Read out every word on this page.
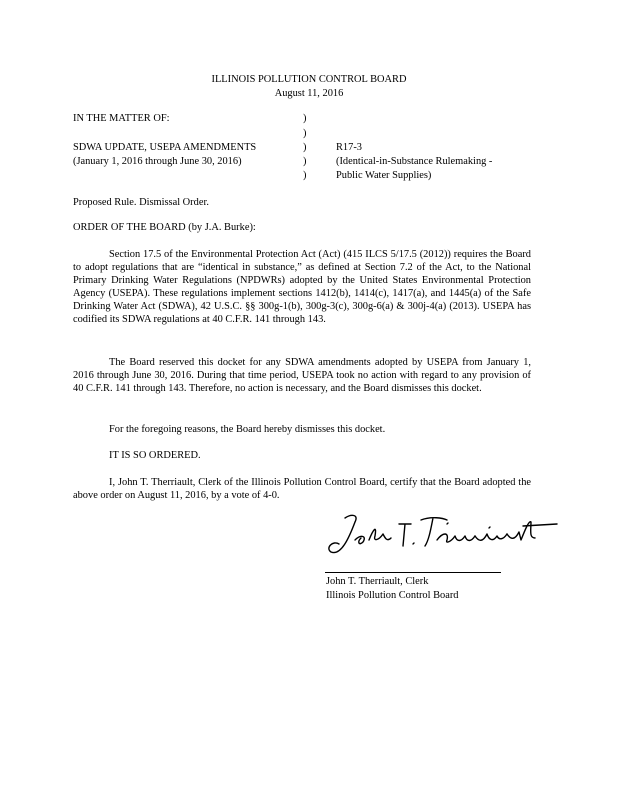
ILLINOIS POLLUTION CONTROL BOARD
August 11, 2016
IN THE MATTER OF:	)
)
)
)
)
SDWA UPDATE, USEPA AMENDMENTS
(January 1, 2016 through June 30, 2016)
R17-3
(Identical-in-Substance Rulemaking -
Public Water Supplies)
Proposed Rule. Dismissal Order.
ORDER OF THE BOARD (by J.A. Burke):
Section 17.5 of the Environmental Protection Act (Act) (415 ILCS 5/17.5 (2012)) requires the Board to adopt regulations that are “identical in substance,” as defined at Section 7.2 of the Act, to the National Primary Drinking Water Regulations (NPDWRs) adopted by the United States Environmental Protection Agency (USEPA). These regulations implement sections 1412(b), 1414(c), 1417(a), and 1445(a) of the Safe Drinking Water Act (SDWA), 42 U.S.C. §§ 300g-1(b), 300g-3(c), 300g-6(a) & 300j-4(a) (2013). USEPA has codified its SDWA regulations at 40 C.F.R. 141 through 143.
The Board reserved this docket for any SDWA amendments adopted by USEPA from January 1, 2016 through June 30, 2016. During that time period, USEPA took no action with regard to any provision of 40 C.F.R. 141 through 143. Therefore, no action is necessary, and the Board dismisses this docket.
For the foregoing reasons, the Board hereby dismisses this docket.
IT IS SO ORDERED.
I, John T. Therriault, Clerk of the Illinois Pollution Control Board, certify that the Board adopted the above order on August 11, 2016, by a vote of 4-0.
John T. Therriault, Clerk
Illinois Pollution Control Board
